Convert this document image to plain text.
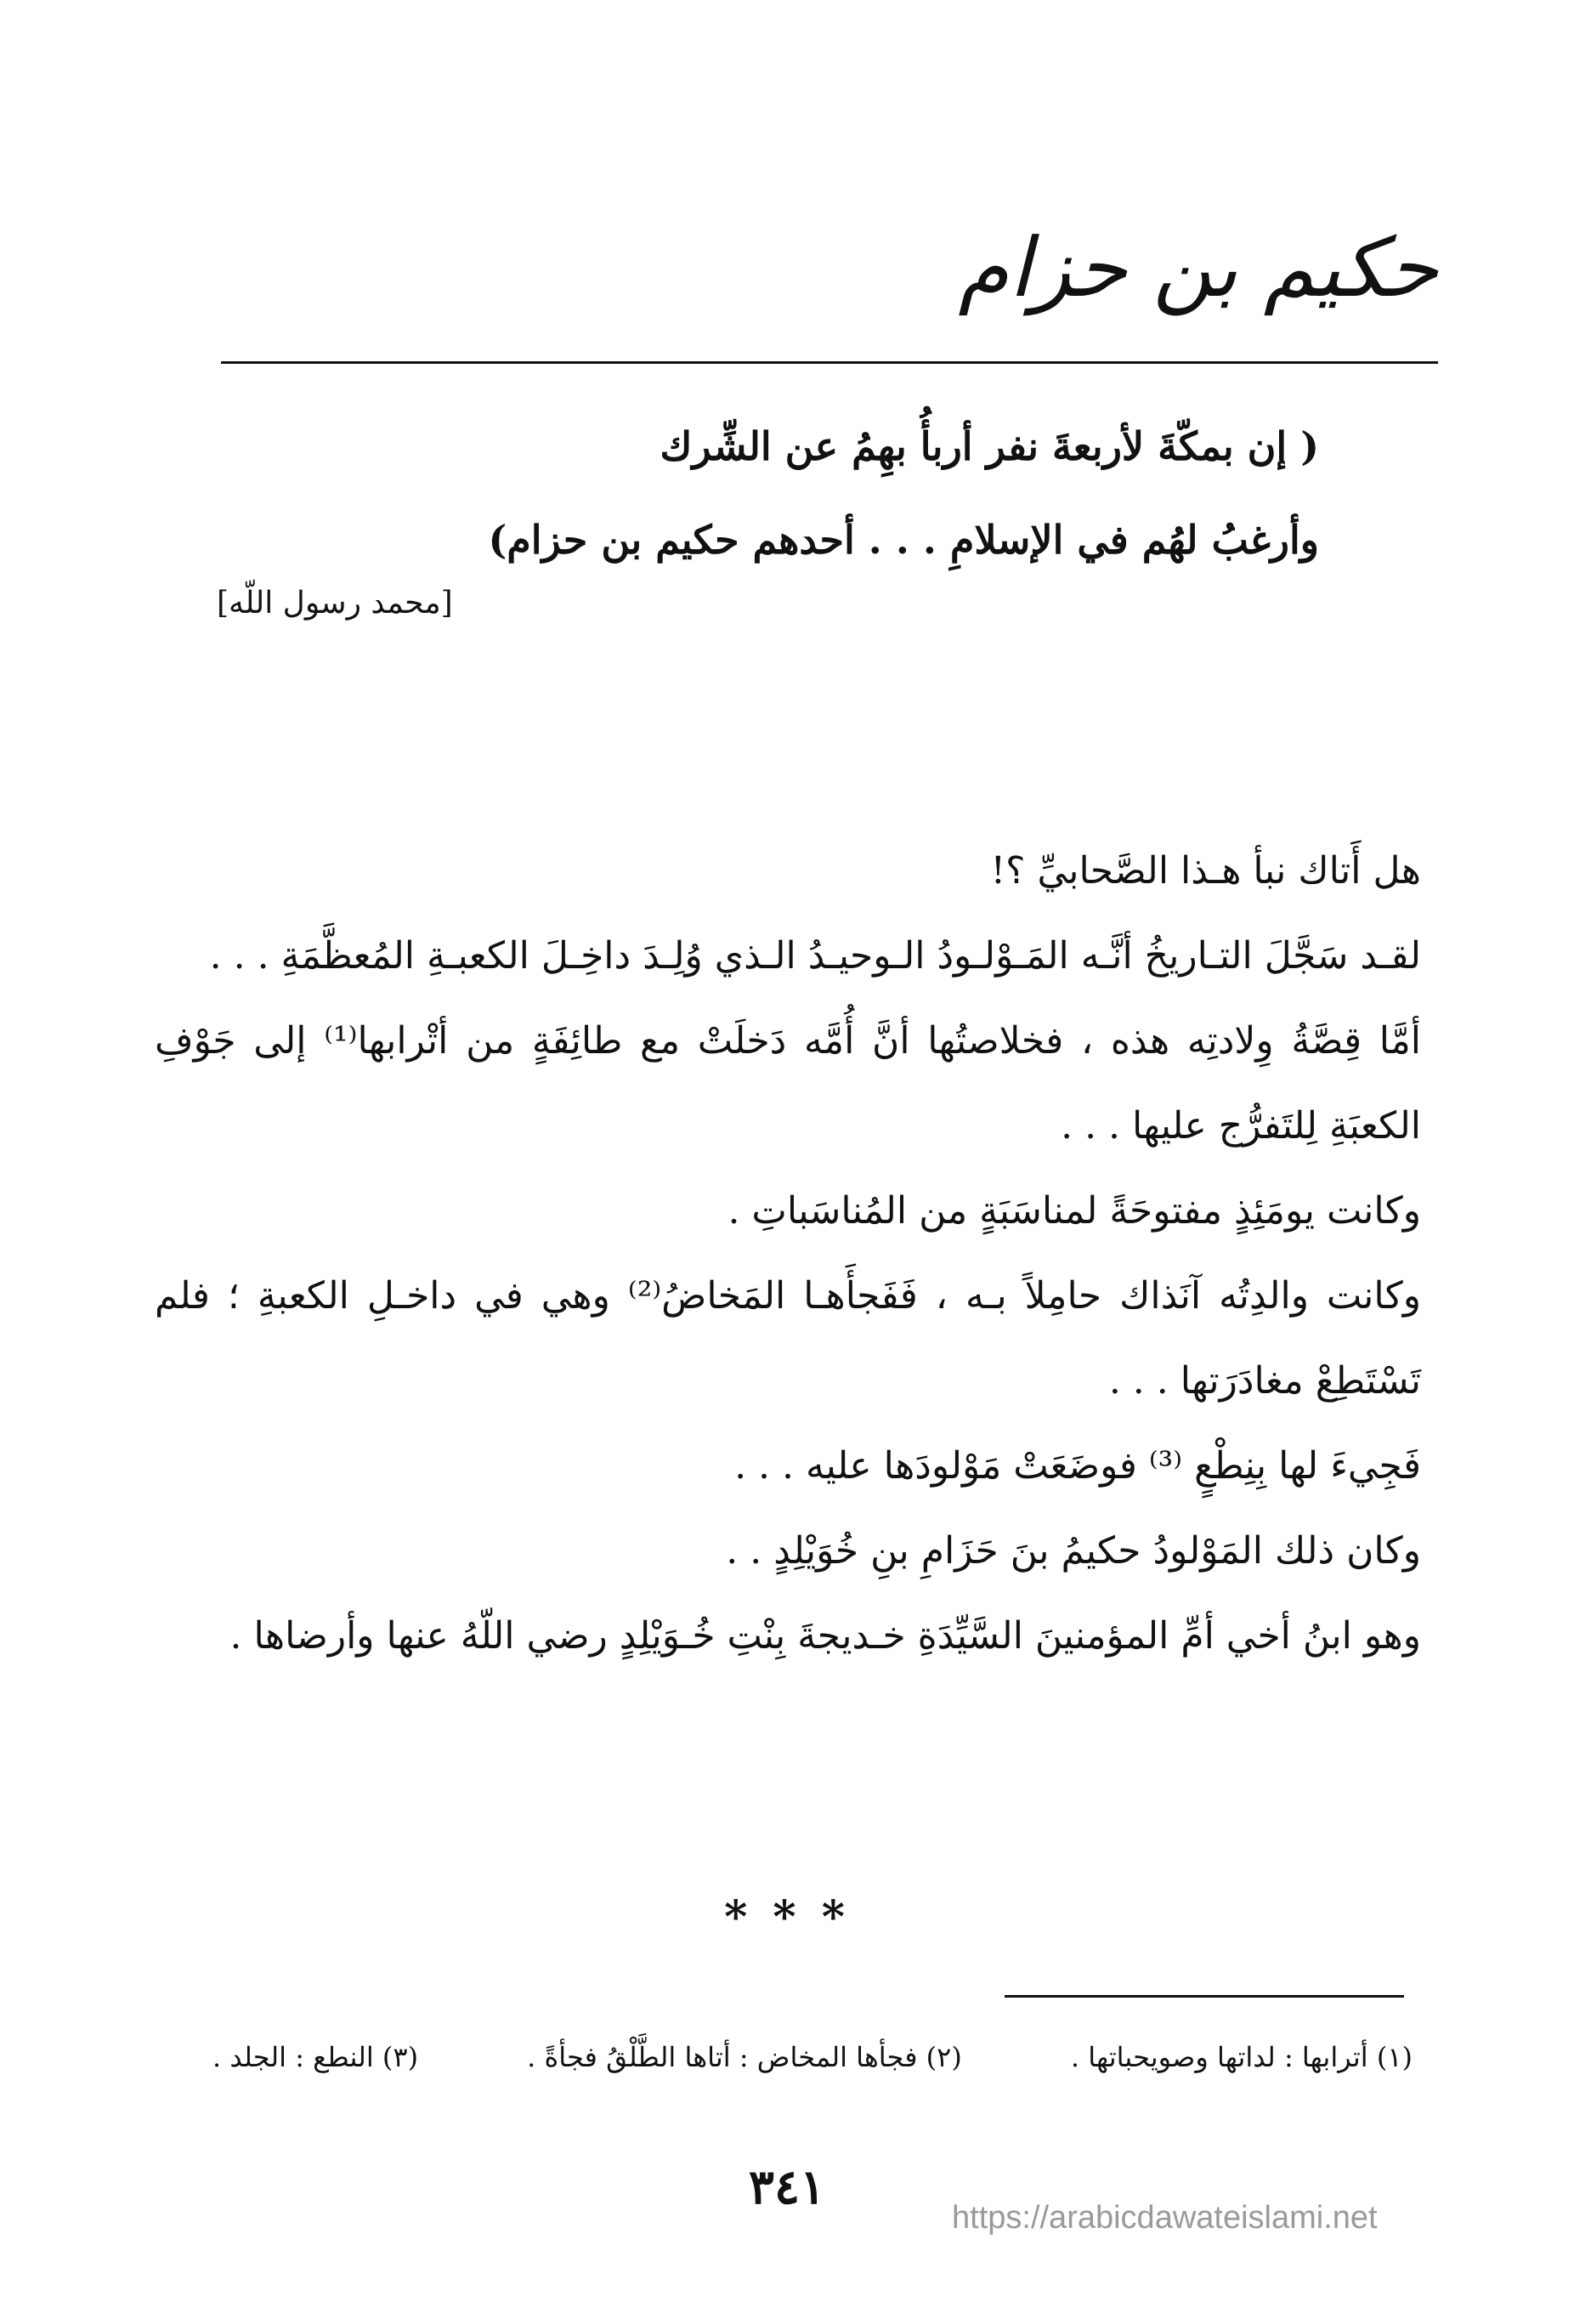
حكيم بن حزام

( إن بمكّةَ لأربعةَ نفر أربأُ بهِمُ عن الشِّرك

وأرغبُ لهُم في الإسلامِ . . . أحدهم حكيم بن حزام)

[محمد رسول اللّه]

هل أَتاك نبأ هـذا الصَّحابيِّ ؟!

لقـد سَجَّلَ التـاريخُ أنَّـه المَـوْلـودُ الـوحيـدُ الـذي وُلِـدَ داخِـلَ الكعبـةِ المُعظَّمَةِ . . .

أمَّا قِصَّةُ وِلادتِه هذه ، فخلاصتُها أنَّ أُمَّه دَخلَتْ مع طائِفَةٍ من أتْرابها⁽¹⁾ إلى جَوْفِ الكعبَةِ لِلتَفرُّج عليها . . .

وكانت يومَئِذٍ مفتوحَةً لمناسَبَةٍ من المُناسَباتِ .

وكانت والدِتُه آنَذاك حامِلاً بـه ، فَفَجأَهـا المَخاضُ⁽²⁾ وهي في داخـلِ الكعبةِ ؛ فلم تَسْتَطِعْ مغادَرَتها . . .

فَجِيءَ لها بِنِطْعٍ ⁽³⁾ فوضَعَتْ مَوْلودَها عليه . . .

وكان ذلك المَوْلودُ حكيمُ بنَ حَزَامِ بنِ خُوَيْلِدٍ . .

وهو ابنُ أخي أمِّ المؤمنينَ السَّيِّدَةِ خـديجةَ بِنْتِ خُـوَيْلِدٍ رضي اللّهُ عنها وأرضاها .

* * *
(١) أترابها : لداتها وصويحباتها .
(٢) فجأها المخاض : أتاها الطَّلْقُ فجأةً .
(٣) النطع : الجلد .
٣٤١
https://arabicdawateislami.net
